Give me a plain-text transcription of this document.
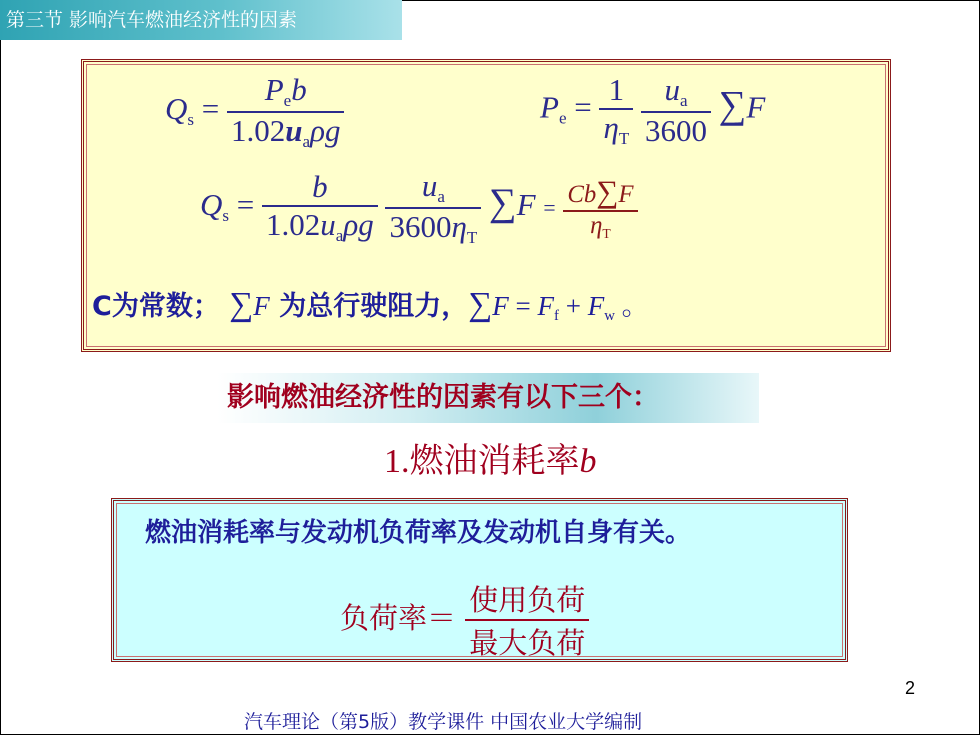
第三节 影响汽车燃油经济性的因素
$Q_s = \frac{P_eb}{1.02u_a\rho g}$	$P_e = \frac{1}{\eta_T}$
$\frac{u_a}{3600} \sum F$
$Q_s = \frac{b}{1.02u_a\rho g}$
$\frac{u_a}{3600\eta_T} \sum F = \frac{Cb\sum F}{\eta_T}$
C为常数； ∑F 为总行驶阻力，$\sum F = F_f + F_w$ 。
影响燃油经济性的因素有以下三个：
1.燃油消耗率b
燃油消耗率与发动机负荷率及发动机自身有关。
负荷率＝ $\frac{\text{使用负荷}}{\text{最大负荷}}$
2
汽车理论（第5版）教学课件 中国农业大学编制
